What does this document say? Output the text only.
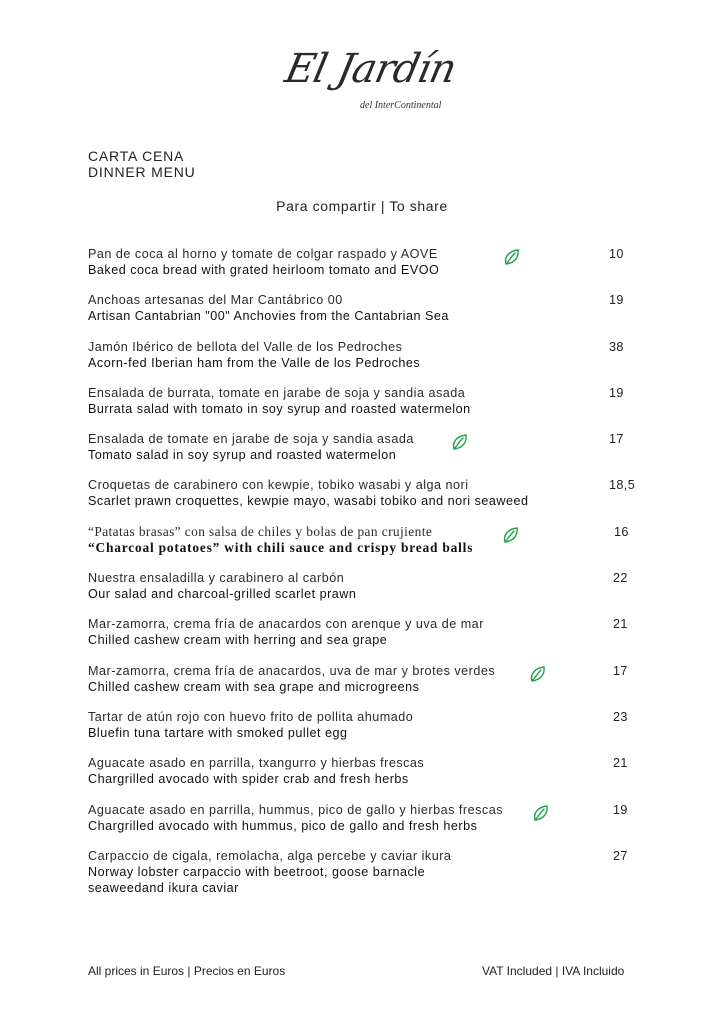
El Jardín
del InterContinental
CARTA CENA
DINNER MENU
Para compartir | To share
Pan de coca al horno y tomate de colgar raspado y AOVE
Baked coca bread with grated heirloom tomato and EVOO
10
Anchoas artesanas del Mar Cantábrico 00
Artisan Cantabrian "00" Anchovies from the Cantabrian Sea
19
Jamón Ibérico de bellota del Valle de los Pedroches
Acorn-fed Iberian ham from the Valle de los Pedroches
38
Ensalada de burrata, tomate en jarabe de soja y sandia asada
Burrata salad with tomato in soy syrup and roasted watermelon
19
Ensalada de tomate en jarabe de soja y sandia asada
Tomato salad in soy syrup and roasted watermelon
17
Croquetas de carabinero con kewpie, tobiko wasabi y alga nori
Scarlet prawn croquettes, kewpie mayo, wasabi tobiko and nori seaweed
18,5
“Patatas brasas” con salsa de chiles y bolas de pan crujiente
“Charcoal potatoes” with chili sauce and crispy bread balls
16
Nuestra ensaladilla y carabinero al carbón
Our salad and charcoal-grilled scarlet prawn
22
Mar-zamorra, crema fría de anacardos con arenque y uva de mar
Chilled cashew cream with herring and sea grape
21
Mar-zamorra, crema fría de anacardos, uva de mar y brotes verdes
Chilled cashew cream with sea grape and microgreens
17
Tartar de atún rojo con huevo frito de pollita ahumado
Bluefin tuna tartare with smoked pullet egg
23
Aguacate asado en parrilla, txangurro y hierbas frescas
Chargrilled avocado with spider crab and fresh herbs
21
Aguacate asado en parrilla, hummus, pico de gallo y hierbas frescas
Chargrilled avocado with hummus, pico de gallo and fresh herbs
19
Carpaccio de cigala, remolacha, alga percebe y caviar ikura
Norway lobster carpaccio with beetroot, goose barnacle
seaweedand ikura caviar
27
All prices in Euros | Precios en Euros	VAT Included | IVA Incluido
